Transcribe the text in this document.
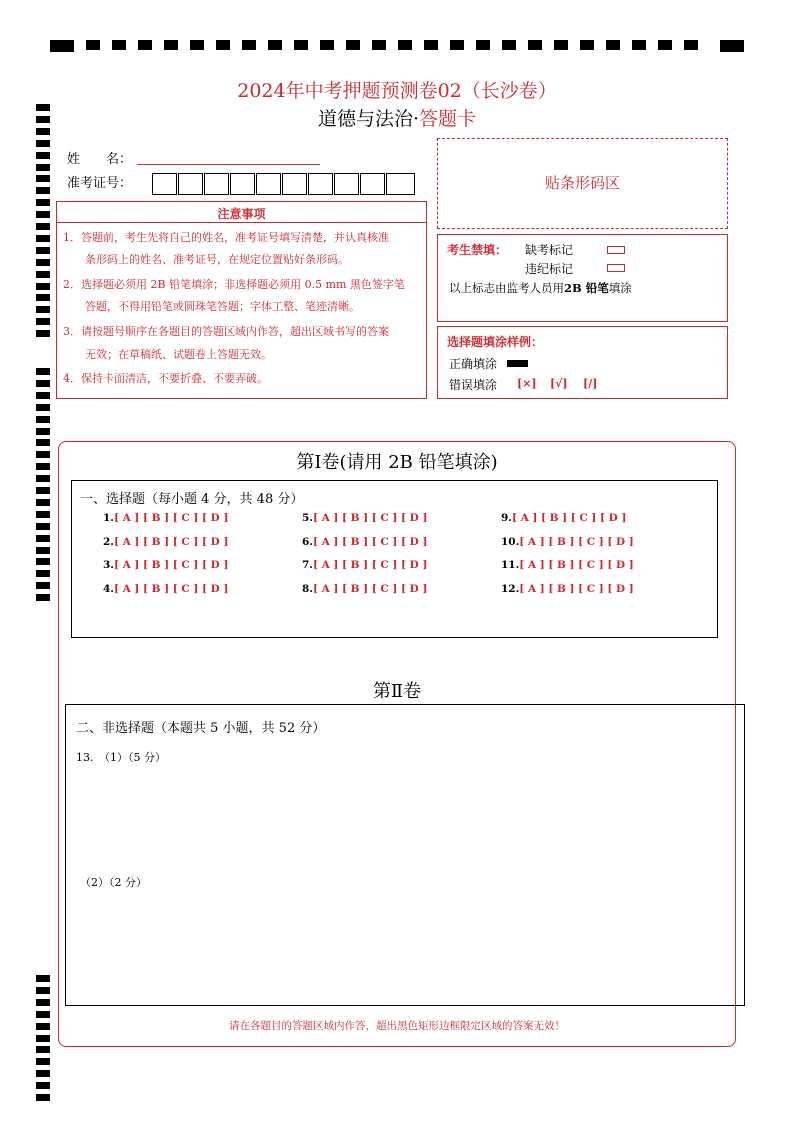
2024年中考押题预测卷02（长沙卷）
道德与法治·答题卡
姓　　名：
准考证号：	贴条形码区
注意事项
1．答题前，考生先将自己的姓名，准考证号填写清楚，并认真核准
　　条形码上的姓名、准考证号，在规定位置贴好条形码。
2．选择题必须用 2B 铅笔填涂；非选择题必须用 0.5 mm 黑色签字笔
　　答题，不得用铅笔或圆珠笔答题；字体工整、笔迹清晰。
3．请按题号顺序在各题目的答题区域内作答，超出区域书写的答案
　　无效；在草稿纸、试题卷上答题无效。
4．保持卡面清洁，不要折叠、不要弄破。
考生禁填： 缺考标记
违纪标记
以上标志由监考人员用2B 铅笔填涂
选择题填涂样例：
正确填涂
错误填涂 [×] [√] [/]
第Ⅰ卷(请用 2B 铅笔填涂)
一、选择题（每小题 4 分，共 48 分）
1.[ A ] [ B ] [ C ] [ D ]
2.[ A ] [ B ] [ C ] [ D ]
3.[ A ] [ B ] [ C ] [ D ]
4.[ A ] [ B ] [ C ] [ D ]
5.[ A ] [ B ] [ C ] [ D ]
6.[ A ] [ B ] [ C ] [ D ]
7.[ A ] [ B ] [ C ] [ D ]
8.[ A ] [ B ] [ C ] [ D ]
9.[ A ] [ B ] [ C ] [ D ]
10.[ A ] [ B ] [ C ] [ D ]
11.[ A ] [ B ] [ C ] [ D ]
12.[ A ] [ B ] [ C ] [ D ]
第Ⅱ卷
二、非选择题（本题共 5 小题，共 52 分）
13.　（1）（5 分）
（2）（2 分）
请在各题目的答题区域内作答，超出黑色矩形边框限定区域的答案无效！
